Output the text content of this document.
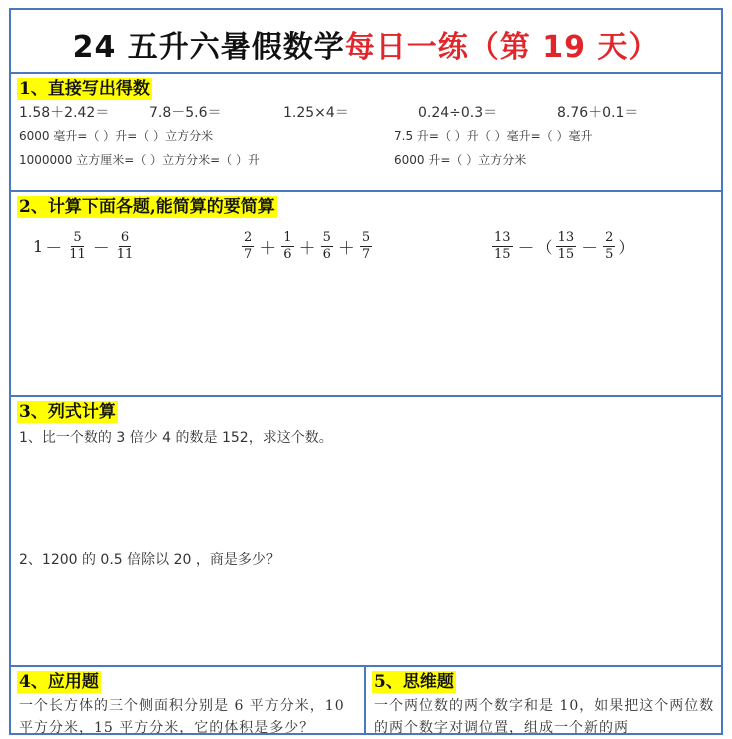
24 五升六暑假数学每日一练（第 19 天）
1、直接写出得数
1.58＋2.42＝	7.8－5.6＝	1.25×4＝	0.24÷0.3＝	8.76＋0.1＝
6000 毫升=（ ）升=（ ）立方分米	7.5 升=（ ）升（ ）毫升=（ ）毫升
1000000 立方厘米=（ ）立方分米=（ ）升	6000 升=（ ）立方分米
2、计算下面各题,能简算的要简算
$1 - \frac{5}{11} - \frac{6}{11}$	$\frac{2}{7} + \frac{1}{6} + \frac{5}{6} + \frac{5}{7}$	$\frac{13}{15}$ － （ $\frac{13}{15} - \frac{2}{5}$ ）
3、列式计算
1、比一个数的 3 倍少 4 的数是 152，求这个数。
2、1200 的 0.5 倍除以 20 ，商是多少？
4、应用题
一个长方体的三个侧面积分别是 6 平方分米，10 平方分米，15 平方分米，它的体积是多少？
5、思维题
一个两位数的两个数字和是 10，如果把这个两位数的两个数字对调位置，组成一个新的两
